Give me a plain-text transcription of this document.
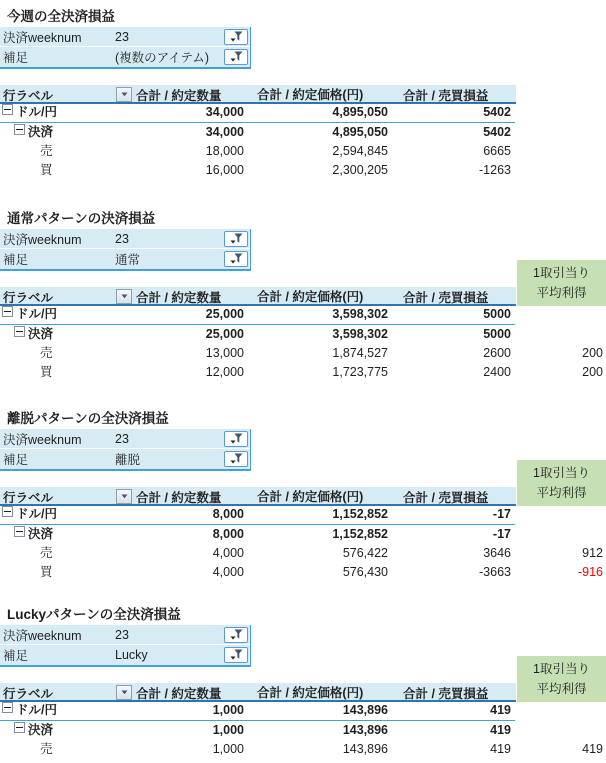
今週の全決済損益
決済weeknum	23
補足	(複数のアイテム)
行ラベル	合計 / 約定数量	合計 / 約定価格(円)	合計 / 売買損益
ドル/円	34,000	4,895,050	5402
決済	34,000	4,895,050	5402
売	18,000	2,594,845	6665
買	16,000	2,300,205	-1263
通常パターンの決済損益
決済weeknum	23
補足	通常
1取引当り
平均利得
行ラベル	合計 / 約定数量	合計 / 約定価格(円)	合計 / 売買損益
ドル/円	25,000	3,598,302	5000
決済	25,000	3,598,302	5000
売	13,000	1,874,527	2600	200
買	12,000	1,723,775	2400	200
離脱パターンの全決済損益
決済weeknum	23
補足	離脱
1取引当り
平均利得
行ラベル	合計 / 約定数量	合計 / 約定価格(円)	合計 / 売買損益
ドル/円	8,000	1,152,852	-17
決済	8,000	1,152,852	-17
売	4,000	576,422	3646	912
買	4,000	576,430	-3663	-916
Luckyパターンの全決済損益
決済weeknum	23
補足	Lucky
1取引当り
平均利得
行ラベル	合計 / 約定数量	合計 / 約定価格(円)	合計 / 売買損益
ドル/円	1,000	143,896	419
決済	1,000	143,896	419
売	1,000	143,896	419	419
